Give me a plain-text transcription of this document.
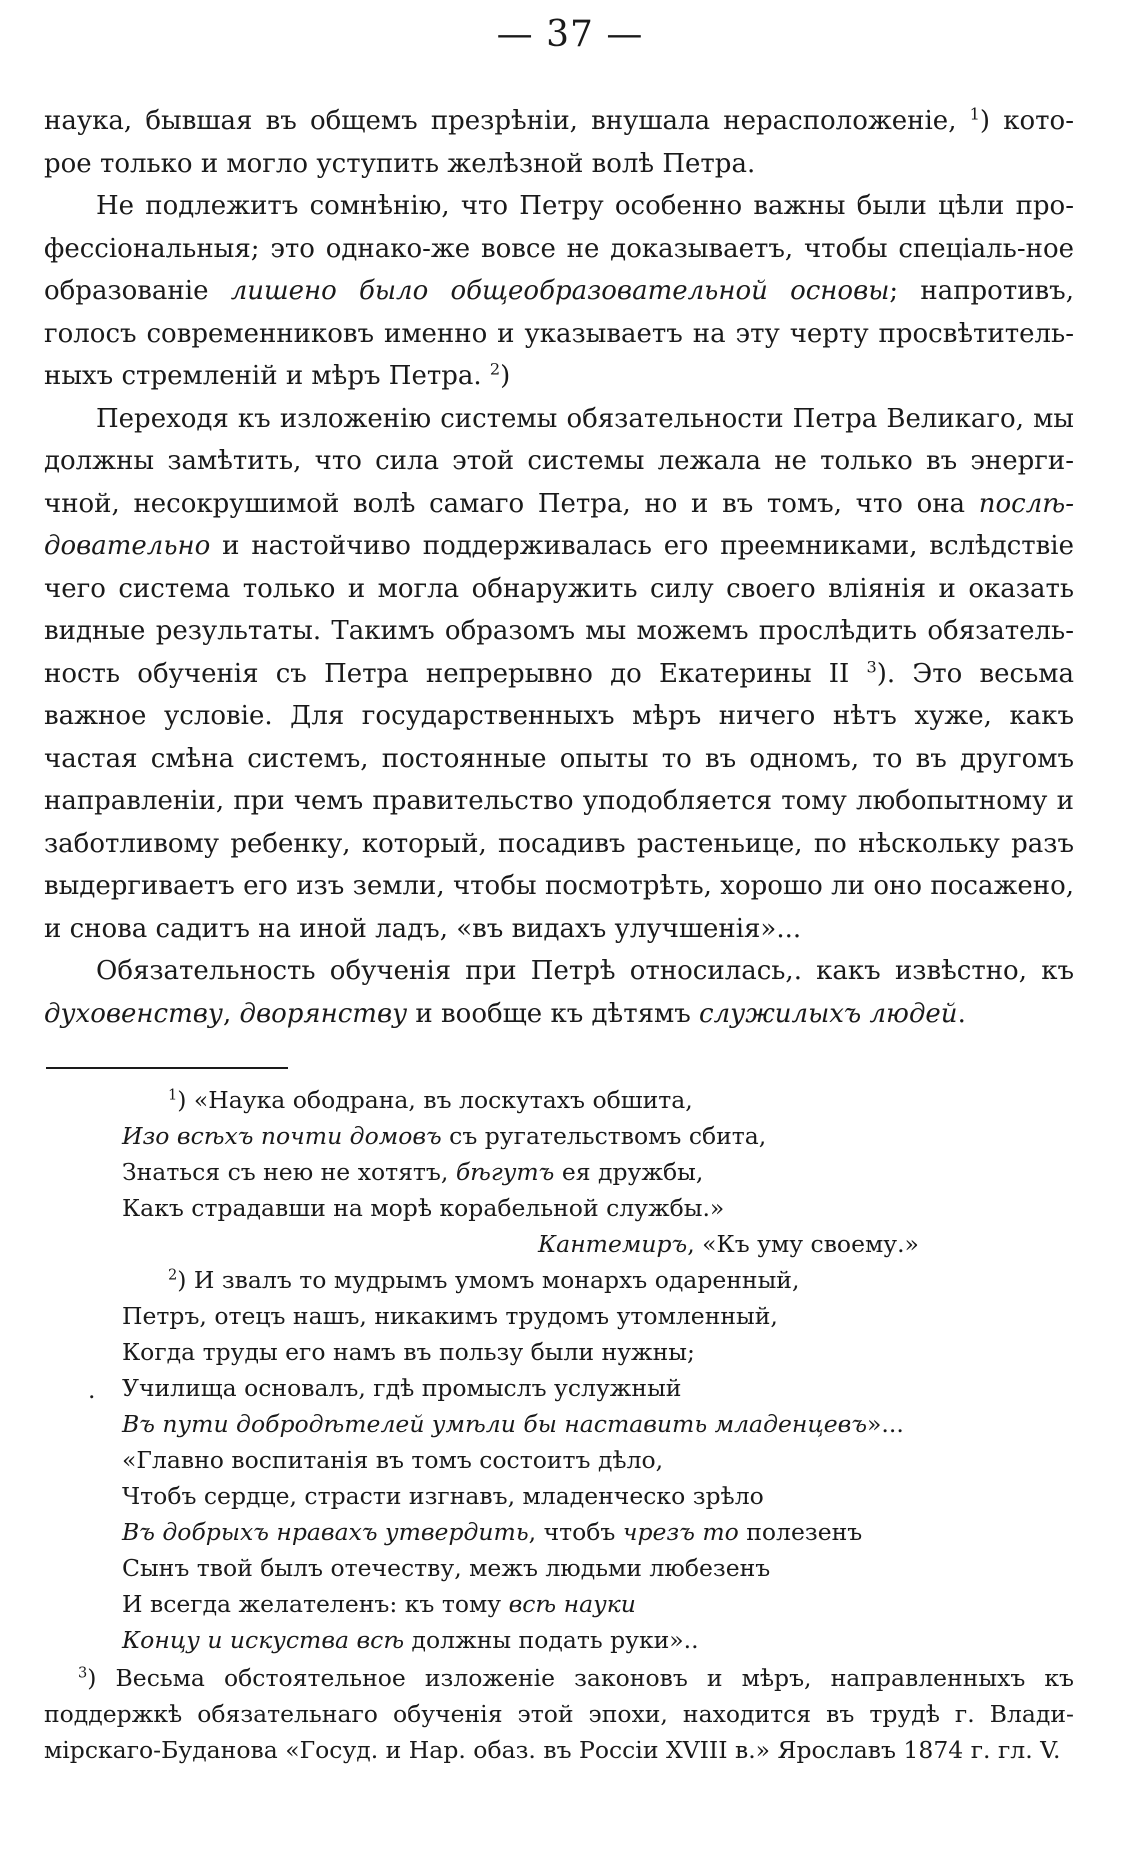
— 37 —

наука, бывшая въ общемъ презрѣніи, внушала нерасположеніе, $^1$) кото-рое только и могло уступить желѣзной волѣ Петра.

Не подлежитъ сомнѣнію, что Петру особенно важны были цѣли про-фессіональныя; это однако-же вовсе не доказываетъ, чтобы спеціаль-ное образованіе лишено было общеобразовательной основы; напротивъ, голосъ современниковъ именно и указываетъ на эту черту просвѣтитель-ныхъ стремленій и мѣръ Петра. $^2$)

Переходя къ изложенію системы обязательности Петра Великаго, мы должны замѣтить, что сила этой системы лежала не только въ энерги-чной, несокрушимой волѣ самаго Петра, но и въ томъ, что она послѣ-довательно и настойчиво поддерживалась его преемниками, вслѣдствіе чего система только и могла обнаружить силу своего вліянія и оказать видные результаты. Такимъ образомъ мы можемъ прослѣдить обязатель-ность обученія съ Петра непрерывно до Екатерины II $^3$). Это весьма важное условіе. Для государственныхъ мѣръ ничего нѣтъ хуже, какъ частая смѣна системъ, постоянные опыты то въ одномъ, то въ другомъ направленіи, при чемъ правительство уподобляется тому любопытному и заботливому ребенку, который, посадивъ растеньице, по нѣскольку разъ выдергиваетъ его изъ земли, чтобы посмотрѣть, хорошо ли оно посажено, и снова садитъ на иной ладъ, «въ видахъ улучшенія»...

Обязательность обученія при Петрѣ относилась,. какъ извѣстно, къ духовенству, дворянству и вообще къ дѣтямъ служилыхъ людей.

$^1$) «Наука ободрана, въ лоскутахъ обшита,
Изо всѣхъ почти домовъ съ ругательствомъ сбита,
Знаться съ нею не хотятъ, бѣгутъ ея дружбы,
Какъ страдавши на морѣ корабельной службы.»
Кантемиръ, «Къ уму своему.»
$^2$) И звалъ то мудрымъ умомъ монархъ одаренный,
Петръ, отецъ нашъ, никакимъ трудомъ утомленный,
Когда труды его намъ въ пользу были нужны;
. Училища основалъ, гдѣ промыслъ услужный
Въ пути добродѣтелей умѣли бы наставить младенцевъ»...
«Главно воспитанія въ томъ состоитъ дѣло,
Чтобъ сердце, страсти изгнавъ, младенческо зрѣло
Въ добрыхъ нравахъ утвердить, чтобъ чрезъ то полезенъ
Сынъ твой былъ отечеству, межъ людьми любезенъ
И всегда желателенъ: къ тому всѣ науки
Концу и искуства всѣ должны подать руки»..
$^3$) Весьма обстоятельное изложеніе законовъ и мѣръ, направленныхъ къ поддержкѣ обязательнаго обученія этой эпохи, находится въ трудѣ г. Влади-мірскаго-Буданова «Госуд. и Нар. обаз. въ Россіи XVIII в.» Ярославъ 1874 г. гл. V.
